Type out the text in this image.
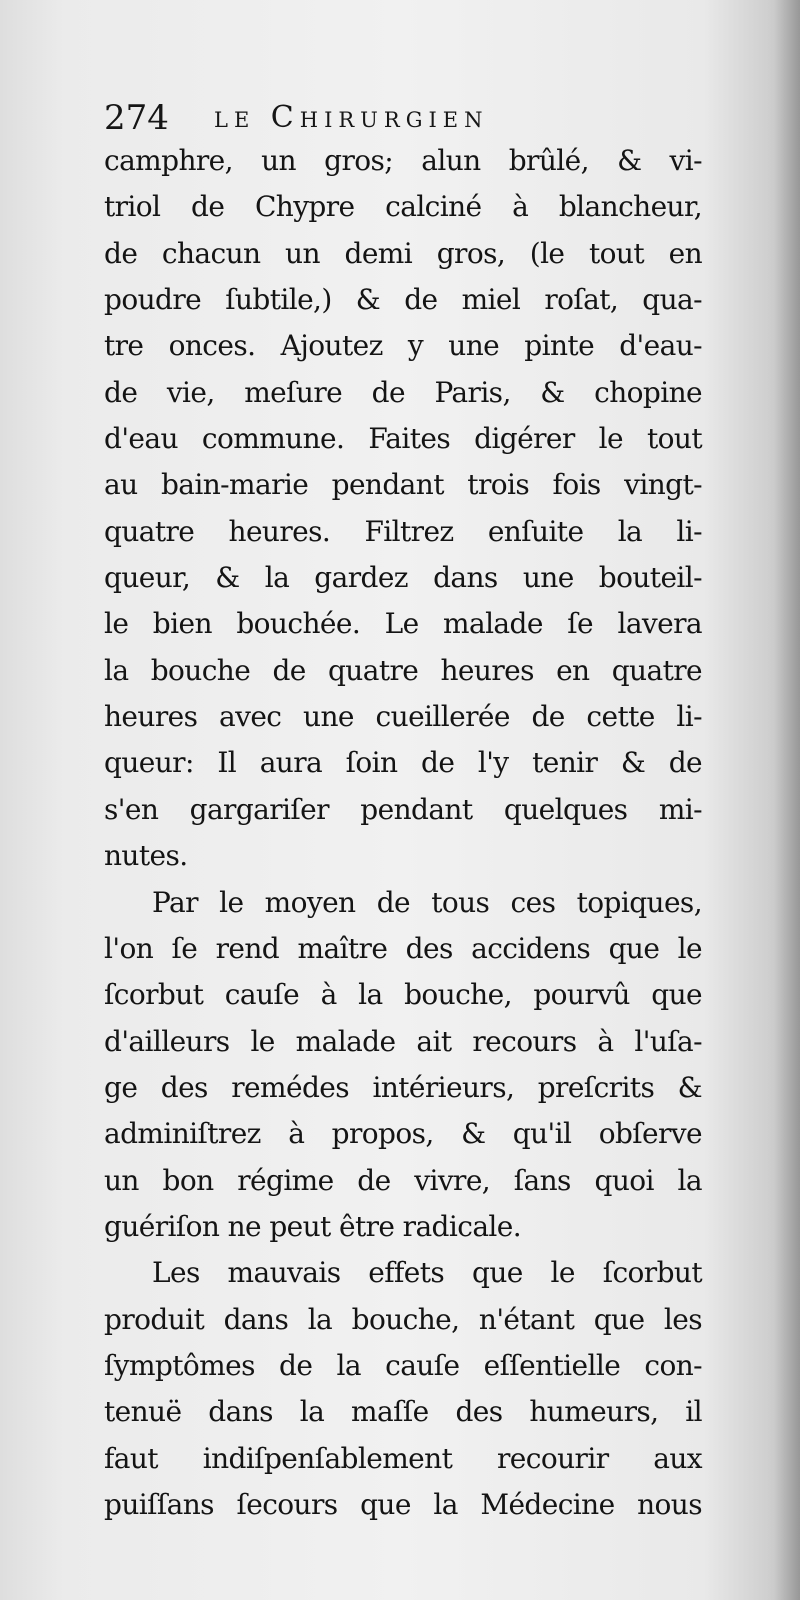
274 le Chirurgien
camphre, un gros; alun brûlé, & vi-
triol de Chypre calciné à blancheur,
de chacun un demi gros, (le tout en
poudre ſubtile,) & de miel roſat, qua-
tre onces. Ajoutez y une pinte d'eau-
de vie, meſure de Paris, & chopine
d'eau commune. Faites digérer le tout
au bain-marie pendant trois fois vingt-
quatre heures. Filtrez enſuite la li-
queur, & la gardez dans une bouteil-
le bien bouchée. Le malade ſe lavera
la bouche de quatre heures en quatre
heures avec une cueillerée de cette li-
queur: Il aura ſoin de l'y tenir & de
s'en gargariſer pendant quelques mi-
nutes.
Par le moyen de tous ces topiques,
l'on ſe rend maître des accidens que le
ſcorbut cauſe à la bouche, pourvû que
d'ailleurs le malade ait recours à l'uſa-
ge des remédes intérieurs, preſcrits &
adminiſtrez à propos, & qu'il obſerve
un bon régime de vivre, ſans quoi la
guériſon ne peut être radicale.
Les mauvais effets que le ſcorbut
produit dans la bouche, n'étant que les
ſymptômes de la cauſe eſſentielle con-
tenuë dans la maſſe des humeurs, il
faut indiſpenſablement recourir aux
puiſſans ſecours que la Médecine nous
